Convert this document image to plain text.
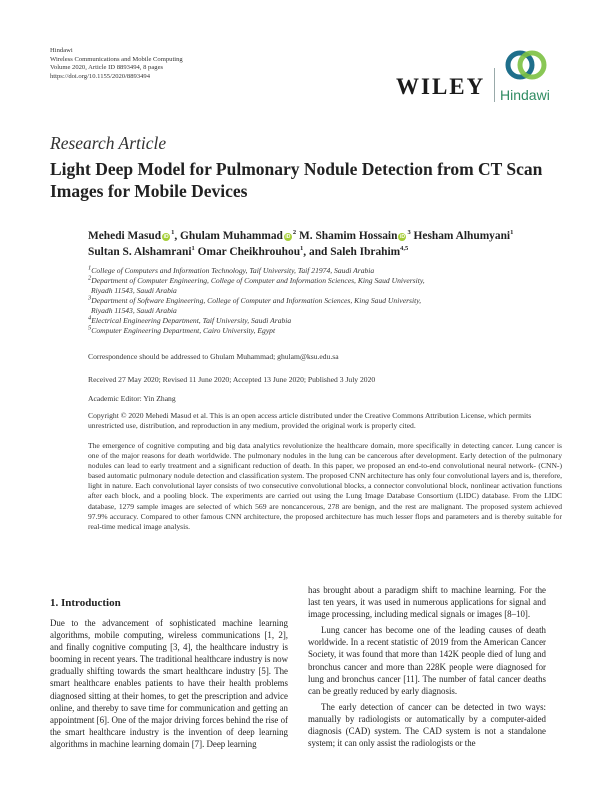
Hindawi
Wireless Communications and Mobile Computing
Volume 2020, Article ID 8893494, 8 pages
https://doi.org/10.1155/2020/8893494	WILEY Hindawi
Research Article
Light Deep Model for Pulmonary Nodule Detection from CT Scan Images for Mobile Devices
Mehedi Masud $iD^1$, Ghulam Muhammad $iD^2$ M. Shamim Hossain $iD^3$ Hesham Alhumyani$^1$
Sultan S. Alshamrani$^1$ Omar Cheikhrouhou$^1$, and Saleh Ibrahim$^{4,5}$
$^1$College of Computers and Information Technology, Taif University, Taif 21974, Saudi Arabia
$^2$Department of Computer Engineering, College of Computer and Information Sciences, King Saud University,
Riyadh 11543, Saudi Arabia
$^3$Department of Software Engineering, College of Computer and Information Sciences, King Saud University,
Riyadh 11543, Saudi Arabia
$^4$Electrical Engineering Department, Taif University, Saudi Arabia
$^5$Computer Engineering Department, Cairo University, Egypt
Correspondence should be addressed to Ghulam Muhammad; ghulam@ksu.edu.sa
Received 27 May 2020; Revised 11 June 2020; Accepted 13 June 2020; Published 3 July 2020
Academic Editor: Yin Zhang
Copyright © 2020 Mehedi Masud et al. This is an open access article distributed under the Creative Commons Attribution License, which permits unrestricted use, distribution, and reproduction in any medium, provided the original work is properly cited.
The emergence of cognitive computing and big data analytics revolutionize the healthcare domain, more specifically in detecting cancer. Lung cancer is one of the major reasons for death worldwide. The pulmonary nodules in the lung can be cancerous after development. Early detection of the pulmonary nodules can lead to early treatment and a significant reduction of death. In this paper, we proposed an end-to-end convolutional neural network- (CNN-) based automatic pulmonary nodule detection and classification system. The proposed CNN architecture has only four convolutional layers and is, therefore, light in nature. Each convolutional layer consists of two consecutive convolutional blocks, a connector convolutional block, nonlinear activation functions after each block, and a pooling block. The experiments are carried out using the Lung Image Database Consortium (LIDC) database. From the LIDC database, 1279 sample images are selected of which 569 are noncancerous, 278 are benign, and the rest are malignant. The proposed system achieved 97.9% accuracy. Compared to other famous CNN architecture, the proposed architecture has much lesser flops and parameters and is thereby suitable for real-time medical image analysis.
1. Introduction

Due to the advancement of sophisticated machine learning algorithms, mobile computing, wireless communications [1, 2], and finally cognitive computing [3, 4], the healthcare industry is booming in recent years. The traditional healthcare industry is now gradually shifting towards the smart healthcare industry [5]. The smart healthcare enables patients to have their health problems diagnosed sitting at their homes, to get the prescription and advice online, and thereby to save time for communication and getting an appointment [6]. One of the major driving forces behind the rise of the smart healthcare industry is the invention of deep learning algorithms in machine learning domain [7]. Deep learning

has brought about a paradigm shift to machine learning. For the last ten years, it was used in numerous applications for signal and image processing, including medical signals or images [8–10].

Lung cancer has become one of the leading causes of death worldwide. In a recent statistic of 2019 from the American Cancer Society, it was found that more than 142K people died of lung and bronchus cancer and more than 228K people were diagnosed for lung and bronchus cancer [11]. The number of fatal cancer deaths can be greatly reduced by early diagnosis.

The early detection of cancer can be detected in two ways: manually by radiologists or automatically by a computer-aided diagnosis (CAD) system. The CAD system is not a standalone system; it can only assist the radiologists or the
